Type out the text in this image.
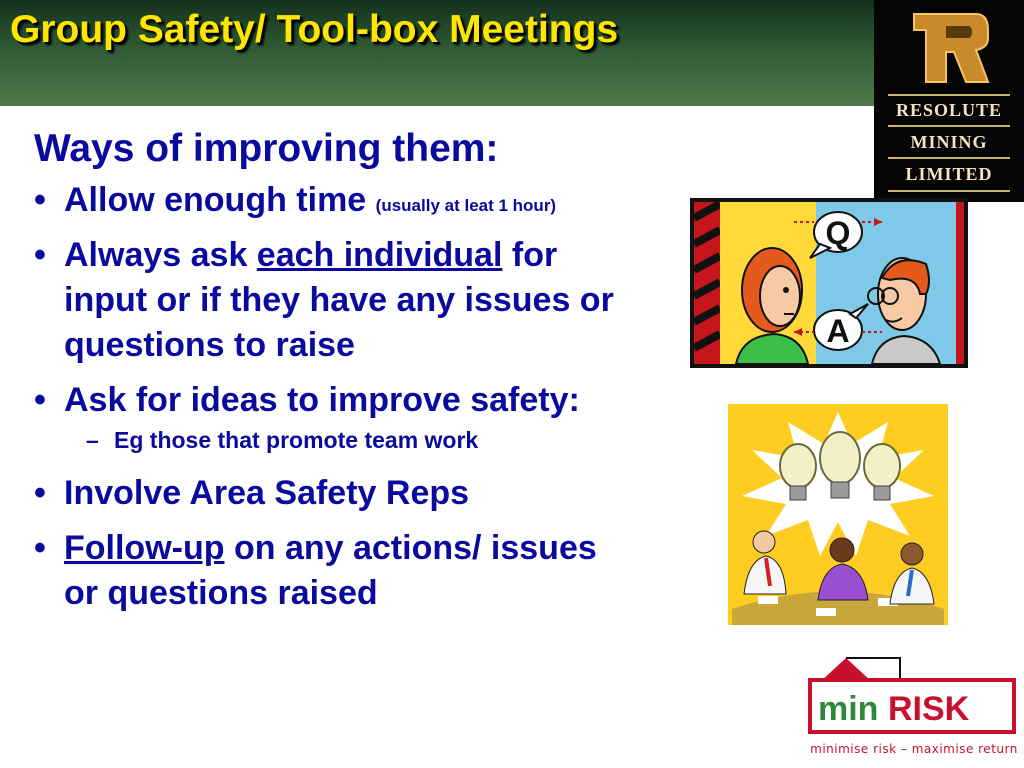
Group Safety/ Tool-box Meetings
RESOLUTE
MINING
LIMITED
Ways of improving them:
• Allow enough time (usually at leat 1 hour)
• Always ask each individual for input or if they have any issues or questions to raise
• Ask for ideas to improve safety:
– Eg those that promote team work
• Involve Area Safety Reps
• Follow-up on any actions/ issues or questions raised
Q
A
min RISK
minimise risk – maximise return
